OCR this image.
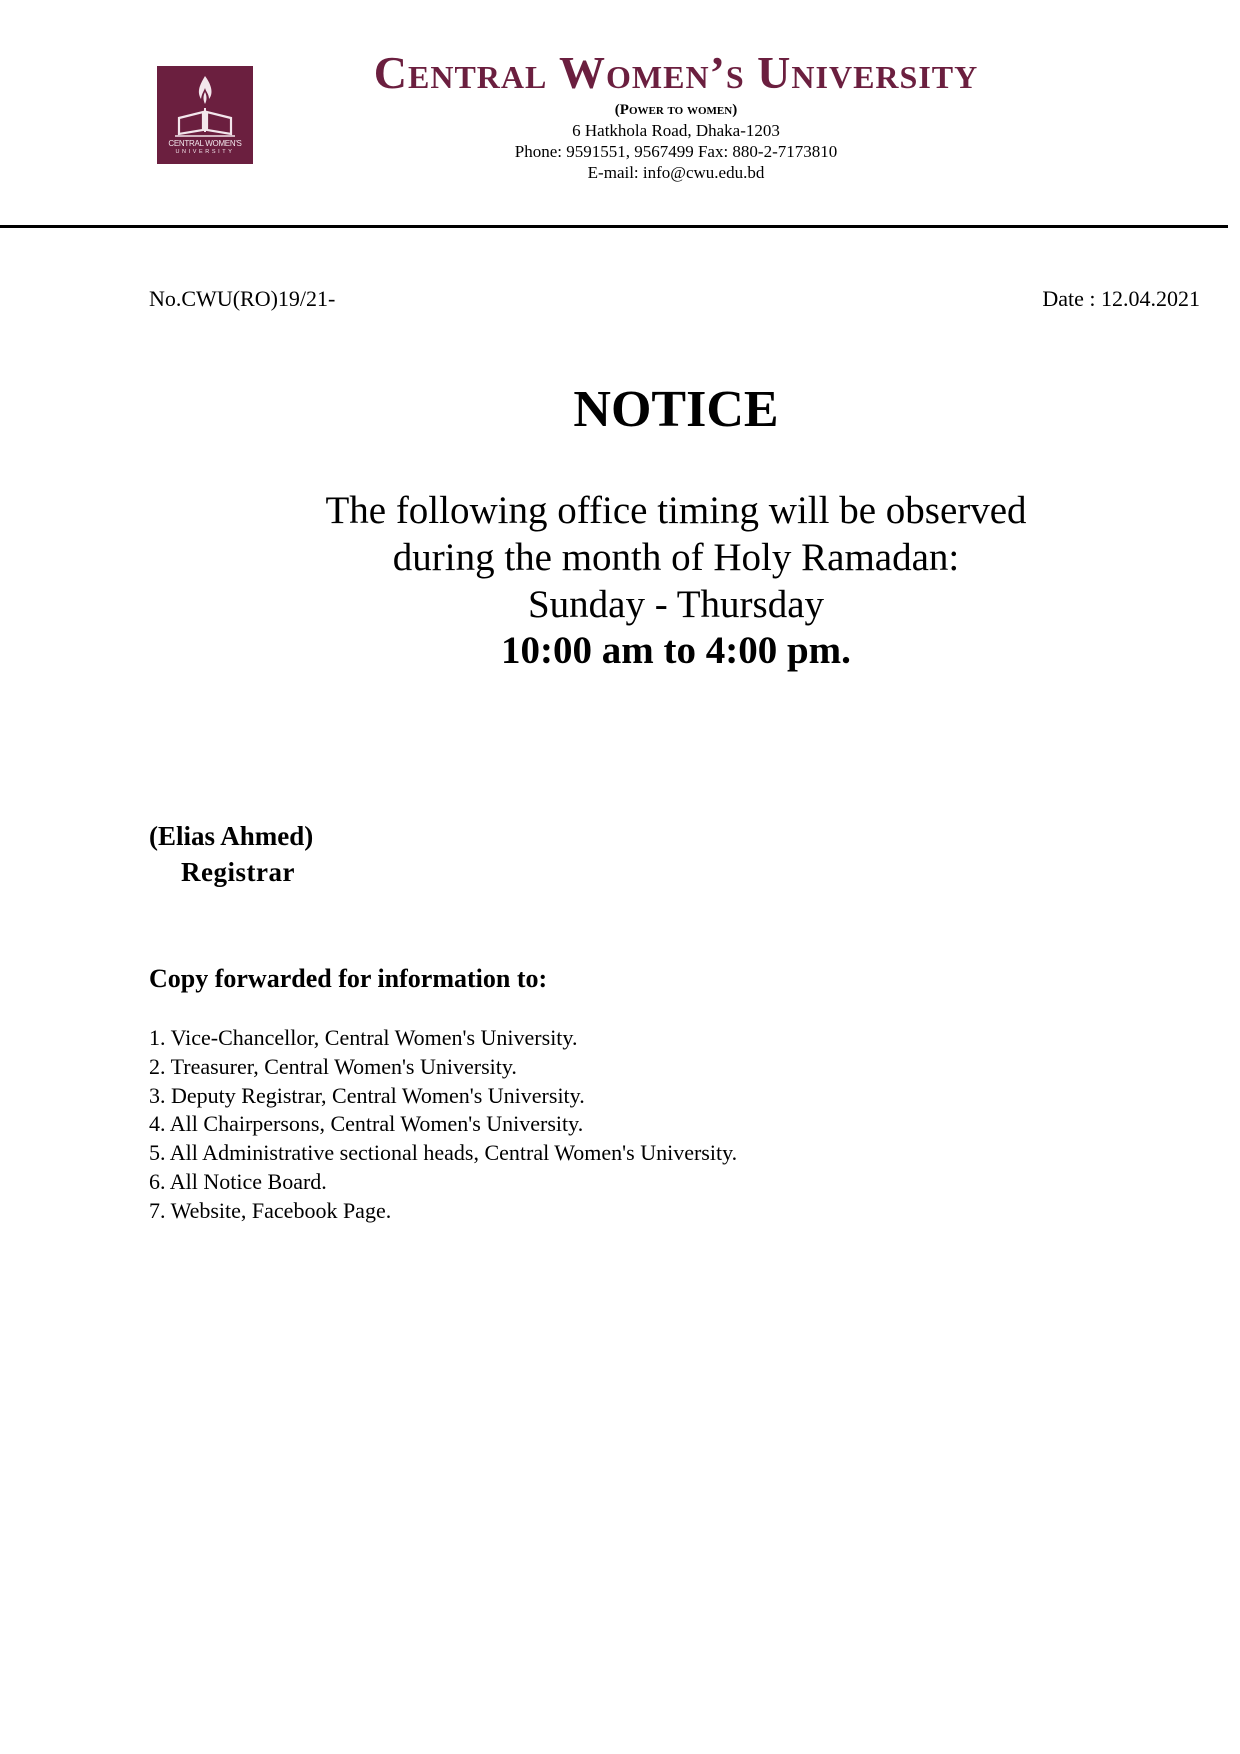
CENTRAL WOMEN'S
UNIVERSITY
Central Women’s University
(Power to women)
6 Hatkhola Road, Dhaka-1203
Phone: 9591551, 9567499 Fax: 880-2-7173810
E-mail: info@cwu.edu.bd
No.CWU(RO)19/21-	Date : 12.04.2021
NOTICE
The following office timing will be observed
during the month of Holy Ramadan:
Sunday - Thursday
10:00 am to 4:00 pm.
(Elias Ahmed)
Registrar
Copy forwarded for information to:
1. Vice-Chancellor, Central Women's University.
2. Treasurer, Central Women's University.
3. Deputy Registrar, Central Women's University.
4. All Chairpersons, Central Women's University.
5. All Administrative sectional heads, Central Women's University.
6. All Notice Board.
7. Website, Facebook Page.
